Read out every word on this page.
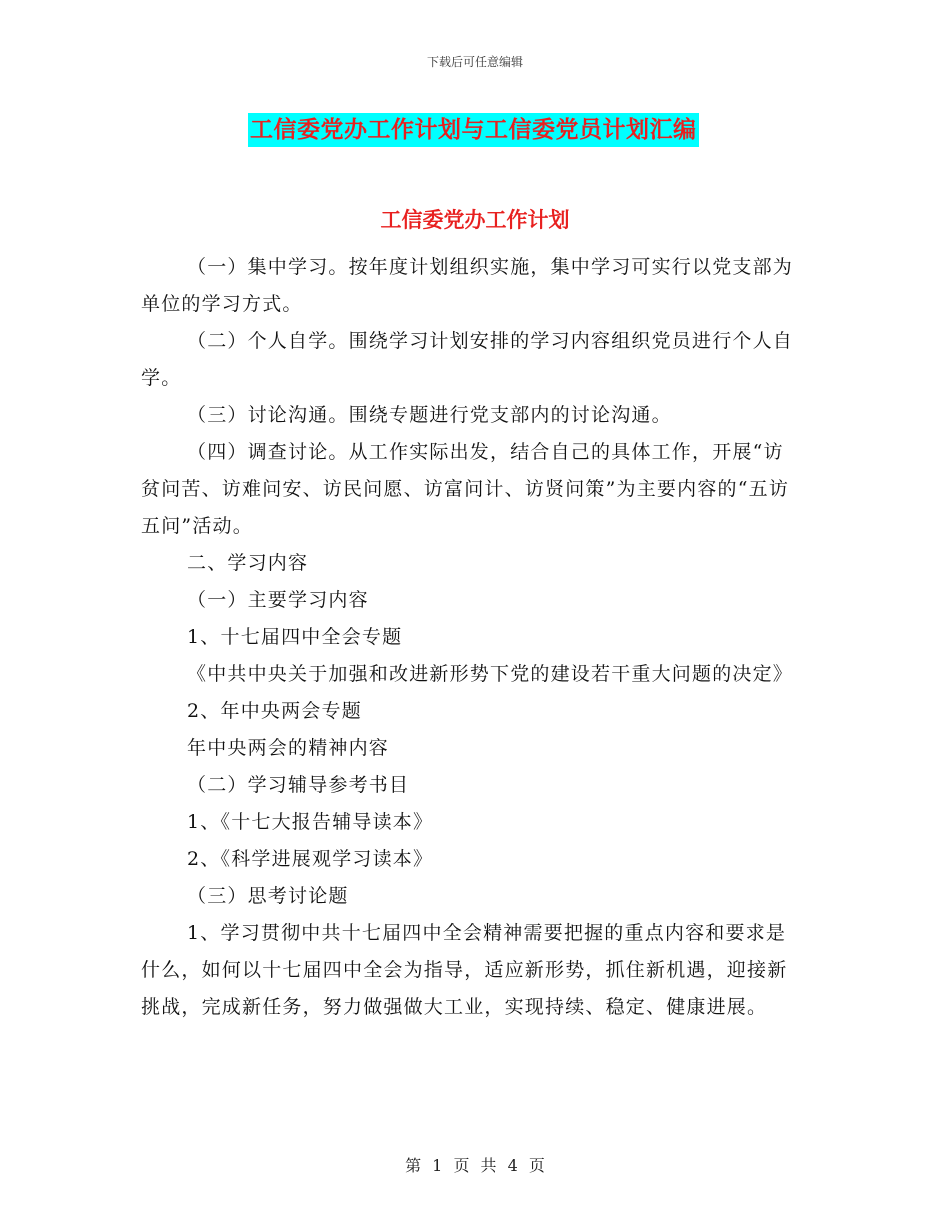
下载后可任意编辑
工信委党办工作计划与工信委党员计划汇编
工信委党办工作计划

（一）集中学习。按年度计划组织实施，集中学习可实行以党支部为单位的学习方式。

（二）个人自学。围绕学习计划安排的学习内容组织党员进行个人自学。

（三）讨论沟通。围绕专题进行党支部内的讨论沟通。

（四）调查讨论。从工作实际出发，结合自己的具体工作，开展“访贫问苦、访难问安、访民问愿、访富问计、访贤问策”为主要内容的“五访五问”活动。

二、学习内容

（一）主要学习内容

1、十七届四中全会专题

《中共中央关于加强和改进新形势下党的建设若干重大问题的决定》

2、年中央两会专题

年中央两会的精神内容

（二）学习辅导参考书目

1、《十七大报告辅导读本》

2、《科学进展观学习读本》

（三）思考讨论题

1、学习贯彻中共十七届四中全会精神需要把握的重点内容和要求是什么，如何以十七届四中全会为指导，适应新形势，抓住新机遇，迎接新挑战，完成新任务，努力做强做大工业，实现持续、稳定、健康进展。

第 1 页 共 4 页
